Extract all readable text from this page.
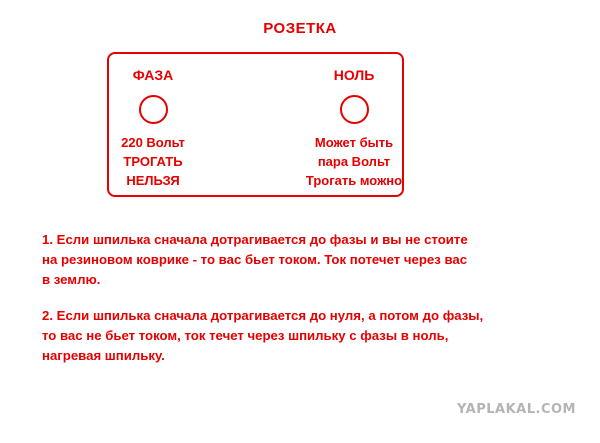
РОЗЕТКА
ФАЗА
220 Вольт
ТРОГАТЬ
НЕЛЬЗЯ
НОЛЬ
Может быть
пара Вольт
Трогать можно
1. Если шпилька сначала дотрагивается до фазы и вы не стоите
на резиновом коврике - то вас бьет током. Ток потечет через вас
в землю.
2. Если шпилька сначала дотрагивается до нуля, а потом до фазы,
то вас не бьет током, ток течет через шпильку с фазы в ноль,
нагревая шпильку.
YAPLAKAL.COM
